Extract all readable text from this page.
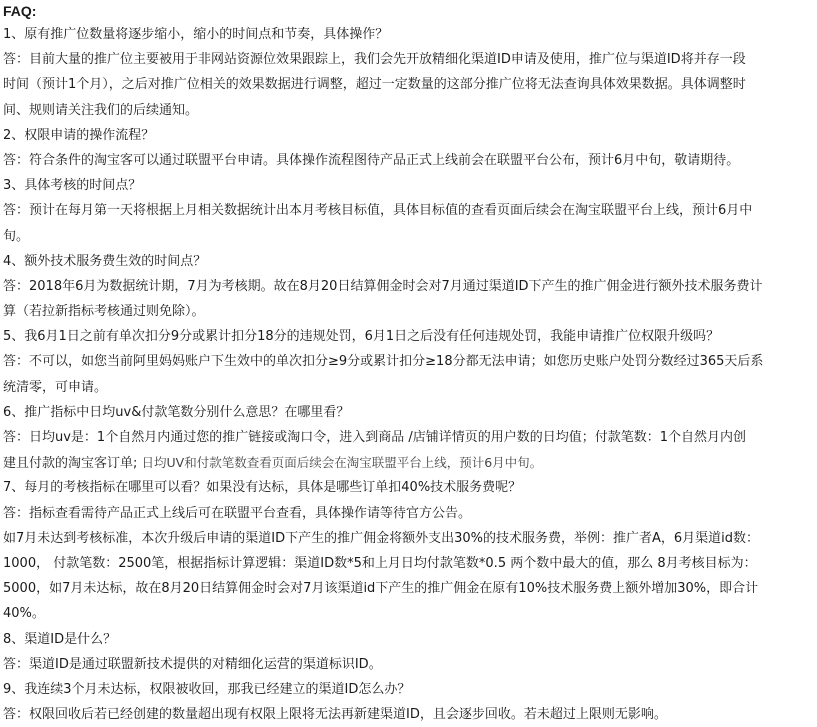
FAQ:
1、原有推广位数量将逐步缩小，缩小的时间点和节奏，具体操作？
答：目前大量的推广位主要被用于非网站资源位效果跟踪上，我们会先开放精细化渠道ID申请及使用，推广位与渠道ID将并存一段
时间（预计1个月），之后对推广位相关的效果数据进行调整，超过一定数量的这部分推广位将无法查询具体效果数据。具体调整时
间、规则请关注我们的后续通知。
2、权限申请的操作流程？
答：符合条件的淘宝客可以通过联盟平台申请。具体操作流程图待产品正式上线前会在联盟平台公布，预计6月中旬，敬请期待。
3、具体考核的时间点？
答：预计在每月第一天将根据上月相关数据统计出本月考核目标值，具体目标值的查看页面后续会在淘宝联盟平台上线，预计6月中
旬。
4、额外技术服务费生效的时间点？
答：2018年6月为数据统计期，7月为考核期。故在8月20日结算佣金时会对7月通过渠道ID下产生的推广佣金进行额外技术服务费计
算（若拉新指标考核通过则免除）。
5、我6月1日之前有单次扣分9分或累计扣分18分的违规处罚，6月1日之后没有任何违规处罚，我能申请推广位权限升级吗？
答：不可以，如您当前阿里妈妈账户下生效中的单次扣分≥9分或累计扣分≥18分都无法申请；如您历史账户处罚分数经过365天后系
统清零，可申请。
6、推广指标中日均uv&付款笔数分别什么意思？在哪里看？
答：日均uv是：1个自然月内通过您的推广链接或淘口令，进入到商品 /店铺详情页的用户数的日均值；付款笔数：1个自然月内创
建且付款的淘宝客订单; 日均UV和付款笔数查看页面后续会在淘宝联盟平台上线，预计6月中旬。
7、每月的考核指标在哪里可以看？如果没有达标，具体是哪些订单扣40%技术服务费呢？
答：指标查看需待产品正式上线后可在联盟平台查看，具体操作请等待官方公告。
如7月未达到考核标准，本次升级后申请的渠道ID下产生的推广佣金将额外支出30%的技术服务费，举例：推广者A，6月渠道id数：
1000， 付款笔数：2500笔，根据指标计算逻辑：渠道ID数*5和上月日均付款笔数*0.5 两个数中最大的值，那么 8月考核目标为：
5000，如7月未达标，故在8月20日结算佣金时会对7月该渠道id下产生的推广佣金在原有10%技术服务费上额外增加30%，即合计
40%。
8、渠道ID是什么？
答：渠道ID是通过联盟新技术提供的对精细化运营的渠道标识ID。
9、我连续3个月未达标，权限被收回，那我已经建立的渠道ID怎么办？
答：权限回收后若已经创建的数量超出现有权限上限将无法再新建渠道ID，且会逐步回收。若未超过上限则无影响。
